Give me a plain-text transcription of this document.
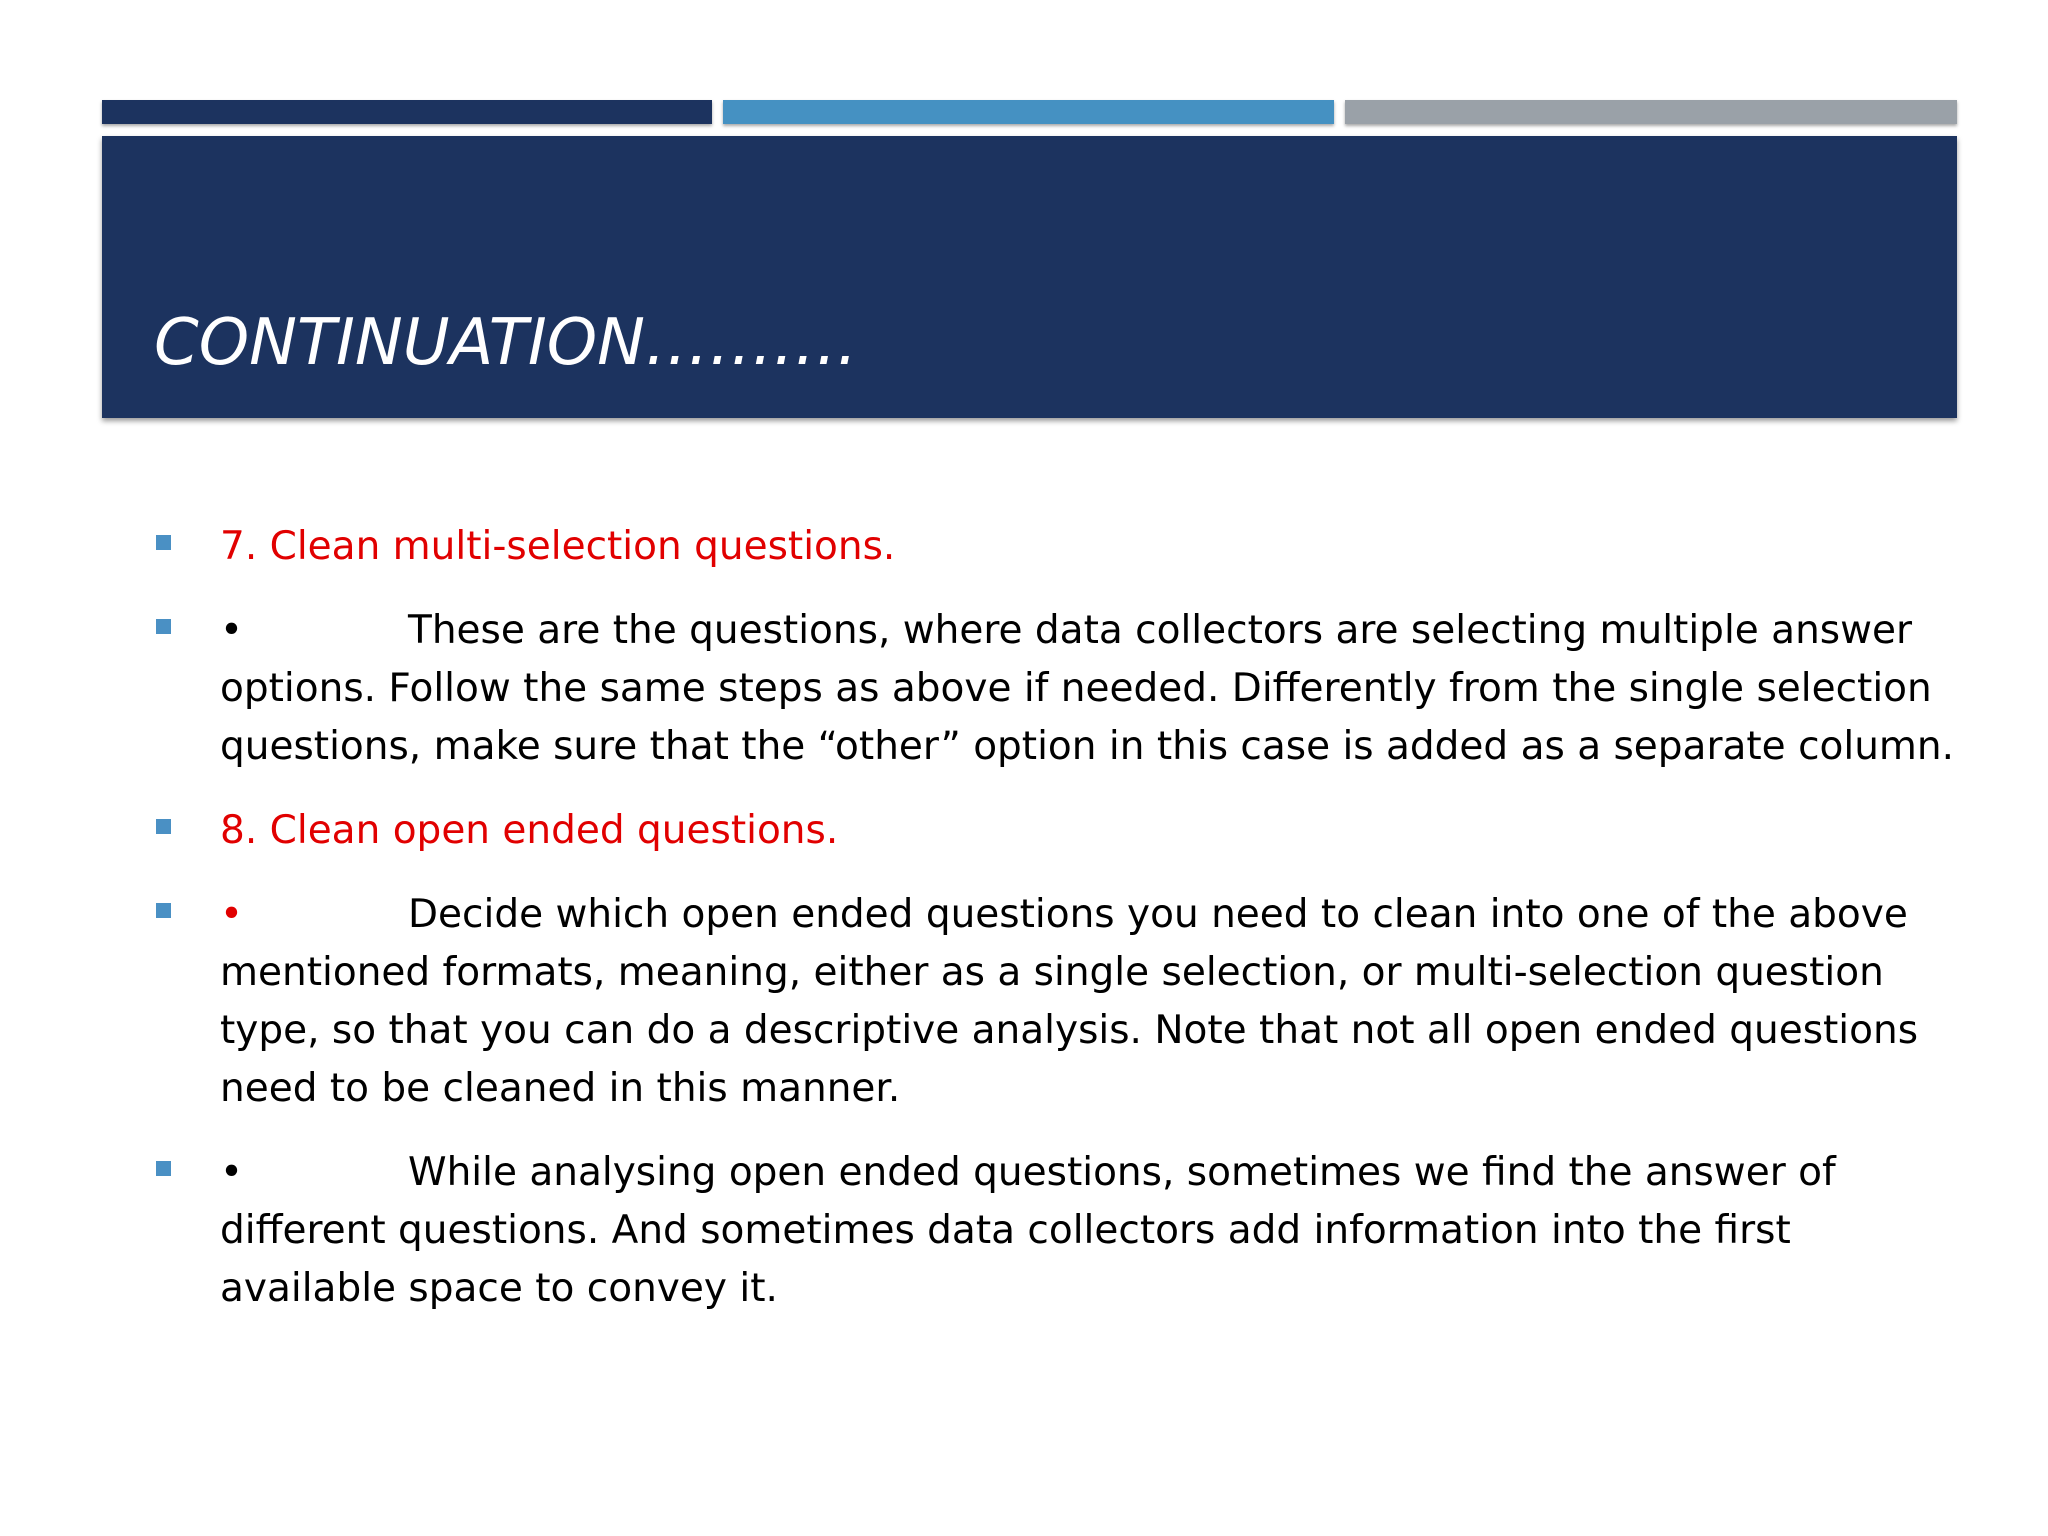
CONTINUATION……….
7. Clean multi-selection questions.
•	These are the questions, where data collectors are selecting multiple answer
options. Follow the same steps as above if needed. Differently from the single selection
questions, make sure that the “other” option in this case is added as a separate column.
8. Clean open ended questions.
•	Decide which open ended questions you need to clean into one of the above
mentioned formats, meaning, either as a single selection, or multi-selection question
type, so that you can do a descriptive analysis. Note that not all open ended questions
need to be cleaned in this manner.
•	While analysing open ended questions, sometimes we find the answer of
different questions. And sometimes data collectors add information into the first
available space to convey it.
